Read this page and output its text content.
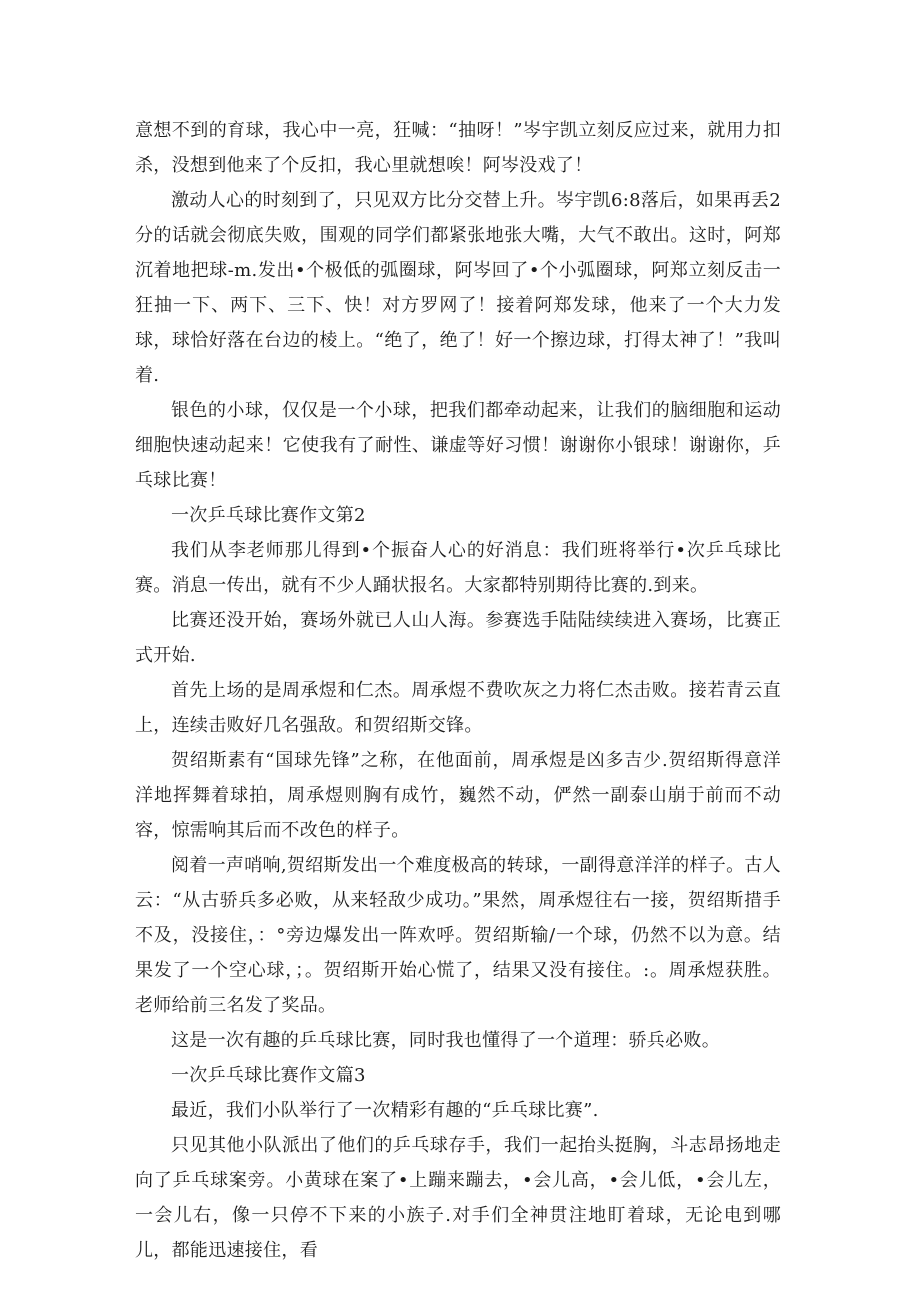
意想不到的育球，我心中一亮，狂喊：“抽呀！”岑宇凯立刻反应过来，就用力扣杀，没想到他来了个反扣，我心里就想唉！阿岑没戏了！

激动人心的时刻到了，只见双方比分交替上升。岑宇凯6:8落后，如果再丢2分的话就会彻底失败，围观的同学们都紧张地张大嘴，大气不敢出。这时，阿郑沉着地把球-m.发出•个极低的弧圈球，阿岑回了•个小弧圈球，阿郑立刻反击一狂抽一下、两下、三下、快！对方罗网了！接着阿郑发球，他来了一个大力发球，球恰好落在台边的棱上。“绝了，绝了！好一个擦边球，打得太神了！”我叫着.

银色的小球，仅仅是一个小球，把我们都牵动起来，让我们的脑细胞和运动细胞快速动起来！它使我有了耐性、谦虚等好习惯！谢谢你小银球！谢谢你，乒乓球比赛！

一次乒乓球比赛作文第2

我们从李老师那儿得到•个振奋人心的好消息：我们班将举行•次乒乓球比赛。消息一传出，就有不少人踊状报名。大家都特别期待比赛的.到来。

比赛还没开始，赛场外就已人山人海。参赛选手陆陆续续进入赛场，比赛正式开始.

首先上场的是周承煜和仁杰。周承煜不费吹灰之力将仁杰击败。接若青云直上，连续击败好几名强敌。和贺绍斯交锋。

贺绍斯素有“国球先锋”之称，在他面前，周承煜是凶多吉少.贺绍斯得意洋洋地挥舞着球拍，周承煜则胸有成竹，巍然不动，俨然一副泰山崩于前而不动容，惊需响其后而不改色的样子。

阅着一声哨响,贺绍斯发出一个难度极高的转球，一副得意洋洋的样子。古人云：“从古骄兵多必败，从来轻敌少成功。”果然，周承煜往右一接，贺绍斯措手不及，没接住，：°旁边爆发出一阵欢呼。贺绍斯输/一个球，仍然不以为意。结果发了一个空心球，；。贺绍斯开始心慌了，结果又没有接住。:。周承煜获胜。老师给前三名发了奖品。

这是一次有趣的乒乓球比赛，同时我也懂得了一个道理：骄兵必败。

一次乒乓球比赛作文篇3

最近，我们小队举行了一次精彩有趣的“乒乓球比赛”.

只见其他小队派出了他们的乒乓球存手，我们一起抬头挺胸，斗志昂扬地走向了乒乓球案旁。小黄球在案了•上蹦来蹦去，•会儿高，•会儿低，•会儿左，一会儿右，像一只停不下来的小族子.对手们全神贯注地盯着球，无论电到哪儿，都能迅速接住，看
